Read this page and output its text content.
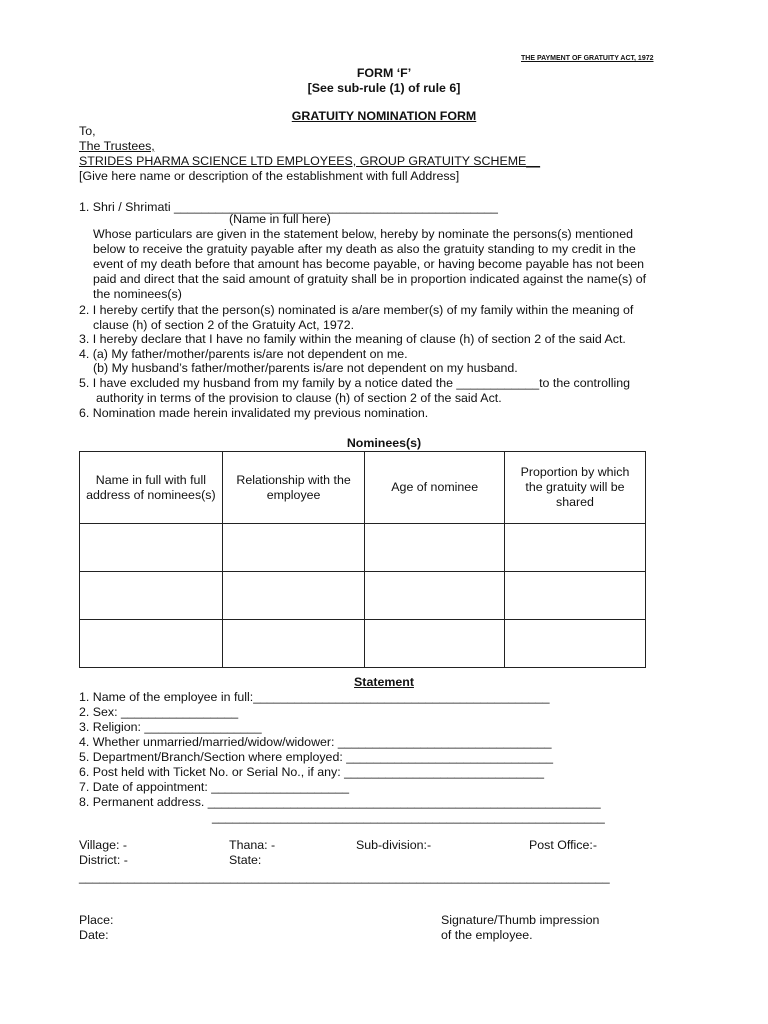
THE PAYMENT OF GRATUITY ACT, 1972
FORM ‘F’
[See sub-rule (1) of rule 6]
GRATUITY NOMINATION FORM
To,
The Trustees,
STRIDES PHARMA SCIENCE LTD EMPLOYEES, GROUP GRATUITY SCHEME__
[Give here name or description of the establishment with full Address]
1. Shri / Shrimati _______________________________________________
(Name in full here)
Whose particulars are given in the statement below, hereby by nominate the persons(s) mentioned
below to receive the gratuity payable after my death as also the gratuity standing to my credit in the
event of my death before that amount has become payable, or having become payable has not been
paid and direct that the said amount of gratuity shall be in proportion indicated against the name(s) of
the nominees(s)
2. I hereby certify that the person(s) nominated is a/are member(s) of my family within the meaning of
clause (h) of section 2 of the Gratuity Act, 1972.
3. I hereby declare that I have no family within the meaning of clause (h) of section 2 of the said Act.
4. (a) My father/mother/parents is/are not dependent on me.
(b) My husband’s father/mother/parents is/are not dependent on my husband.
5. I have excluded my husband from my family by a notice dated the ____________to the controlling
authority in terms of the provision to clause (h) of section 2 of the said Act.
6. Nomination made herein invalidated my previous nomination.
Nominees(s)
Name in full with full address of nominees(s)	Relationship with the employee	Age of nominee	Proportion by which the gratuity will be shared

Statement
1. Name of the employee in full:___________________________________________
2. Sex: _________________
3. Religion: _________________
4. Whether unmarried/married/widow/widower: _______________________________
5. Department/Branch/Section where employed: ______________________________
6. Post held with Ticket No. or Serial No., if any: _____________________________
7. Date of appointment: ____________________
8. Permanent address. _________________________________________________________
_________________________________________________________
Village: -	Thana: -	Sub-division:-	Post Office:-
District: -	State:
_____________________________________________________________________________
Place:
Date:
Signature/Thumb impression
of the employee.
